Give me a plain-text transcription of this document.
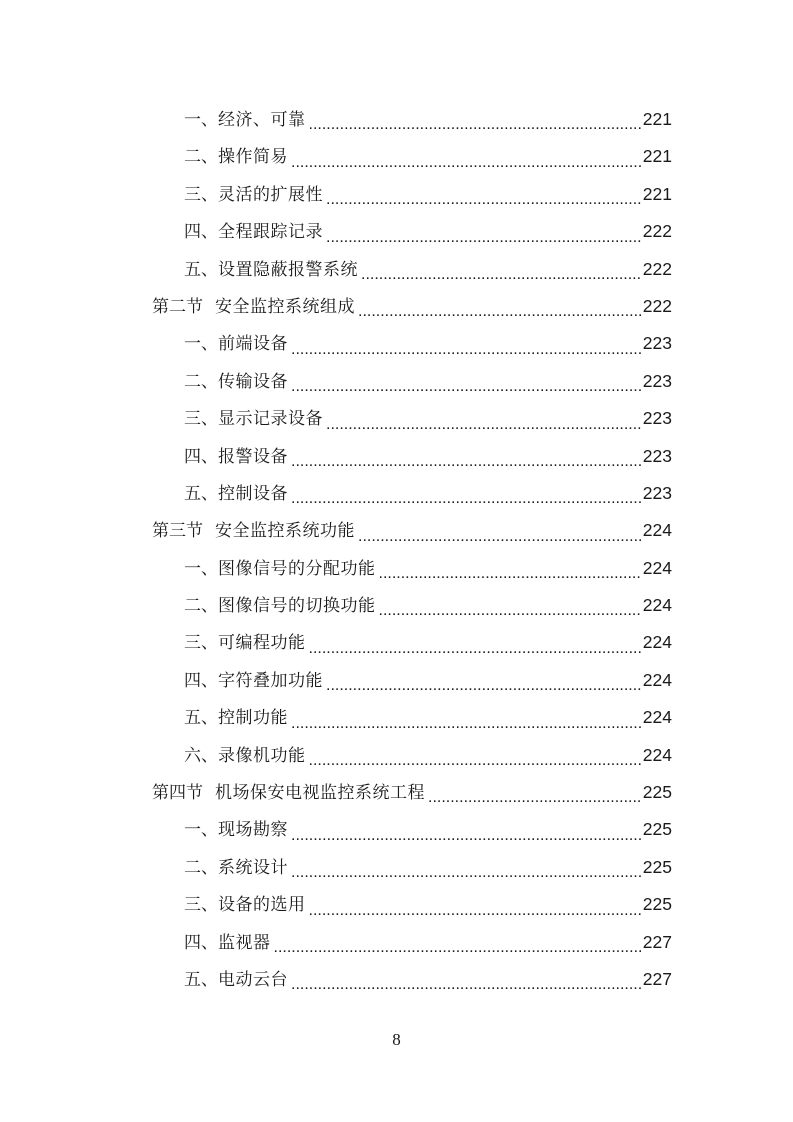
一、 经济、可靠 .....	221
二、 操作简易 .....	221
三、 灵活的扩展性 .....	221
四、 全程跟踪记录 .....	222
五、 设置隐蔽报警系统 .....	222
第二节 安全监控系统组成 .....	222
一、 前端设备 .....	223
二、 传输设备 .....	223
三、 显示记录设备 .....	223
四、 报警设备 .....	223
五、 控制设备 .....	223
第三节 安全监控系统功能 .....	224
一、 图像信号的分配功能 .....	224
二、 图像信号的切换功能 .....	224
三、 可编程功能 .....	224
四、 字符叠加功能 .....	224
五、 控制功能 .....	224
六、 录像机功能 .....	224
第四节 机场保安电视监控系统工程 .....	225
一、 现场勘察 .....	225
二、 系统设计 .....	225
三、 设备的选用 .....	225
四、 监视器 .....	227
五、 电动云台 .....	227
8
